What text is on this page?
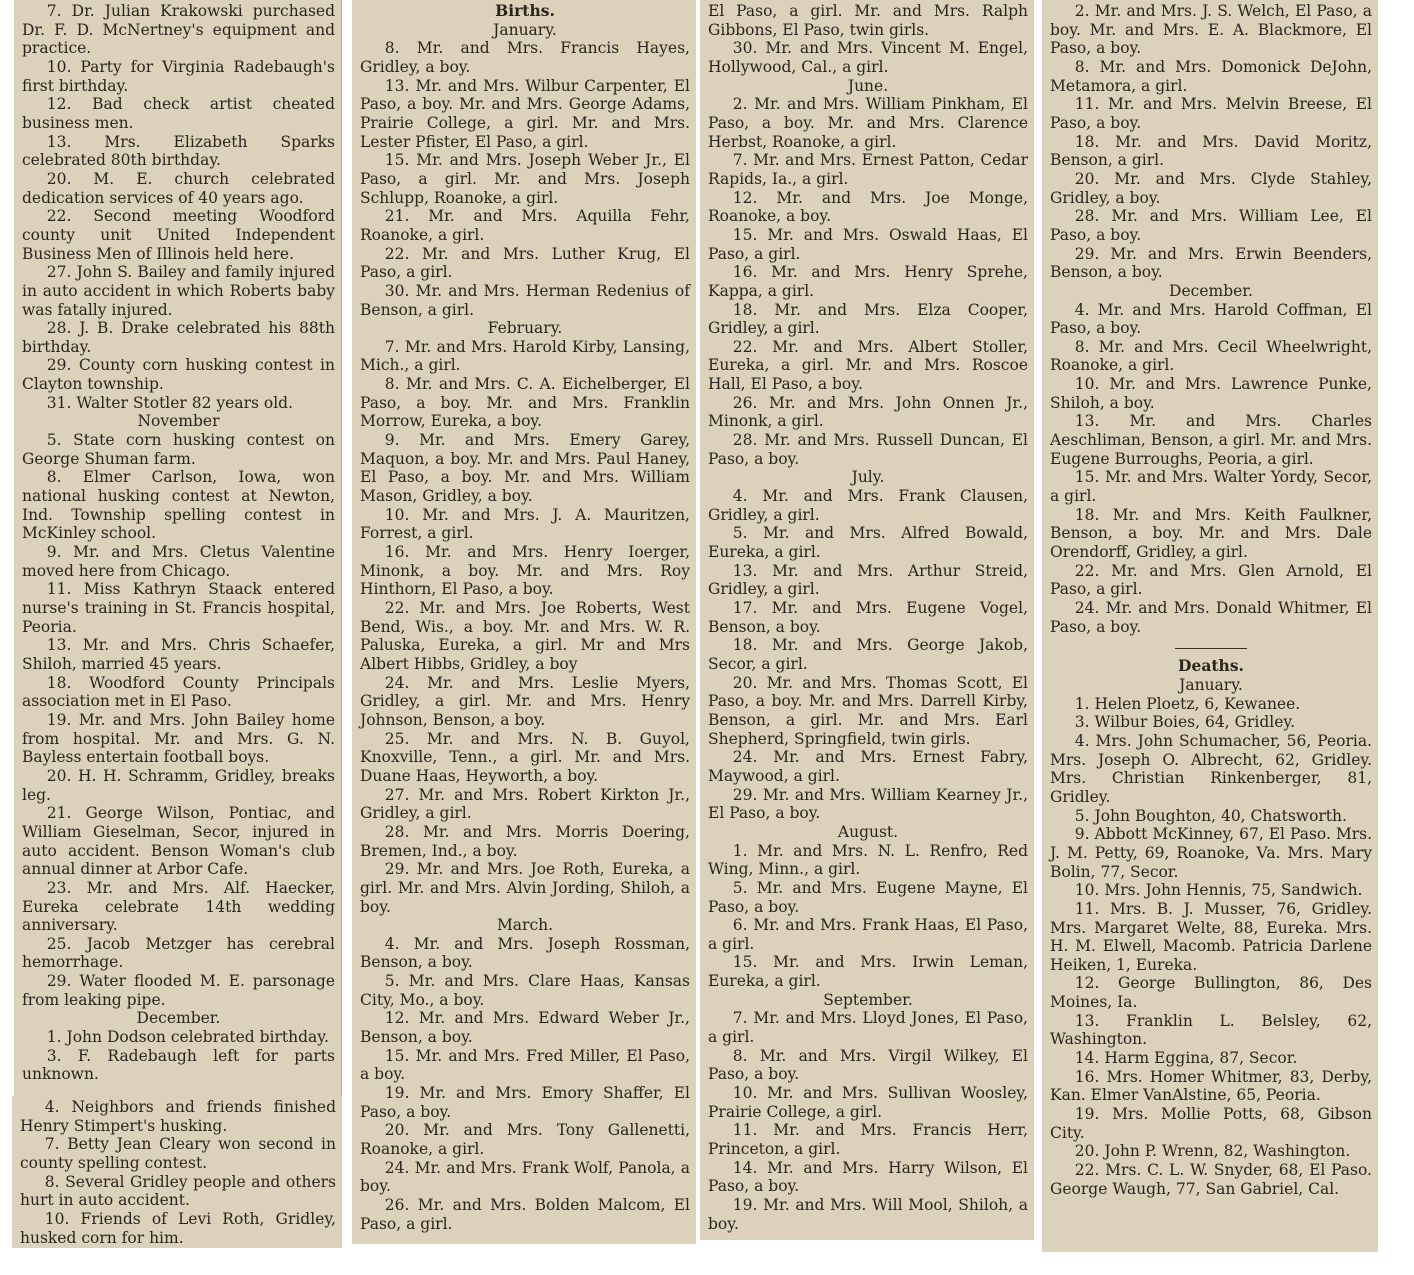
7. Dr. Julian Krakowski purchased Dr. F. D. McNertney's equipment and practice.

10. Party for Virginia Radebaugh's first birthday.

12. Bad check artist cheated business men.

13. Mrs. Elizabeth Sparks celebrated 80th birthday.

20. M. E. church celebrated dedication services of 40 years ago.

22. Second meeting Woodford county unit United Independent Business Men of Illinois held here.

27. John S. Bailey and family injured in auto accident in which Roberts baby was fatally injured.

28. J. B. Drake celebrated his 88th birthday.

29. County corn husking contest in Clayton township.

31. Walter Stotler 82 years old.

November

5. State corn husking contest on George Shuman farm.

8. Elmer Carlson, Iowa, won national husking contest at Newton, Ind. Township spelling contest in McKinley school.

9. Mr. and Mrs. Cletus Valentine moved here from Chicago.

11. Miss Kathryn Staack entered nurse's training in St. Francis hospital, Peoria.

13. Mr. and Mrs. Chris Schaefer, Shiloh, married 45 years.

18. Woodford County Principals association met in El Paso.

19. Mr. and Mrs. John Bailey home from hospital. Mr. and Mrs. G. N. Bayless entertain football boys.

20. H. H. Schramm, Gridley, breaks leg.

21. George Wilson, Pontiac, and William Gieselman, Secor, injured in auto accident. Benson Woman's club annual dinner at Arbor Cafe.

23. Mr. and Mrs. Alf. Haecker, Eureka celebrate 14th wedding anniversary.

25. Jacob Metzger has cerebral hemorrhage.

29. Water flooded M. E. parsonage from leaking pipe.

December.

1. John Dodson celebrated birthday.

3. F. Radebaugh left for parts unknown.

4. Neighbors and friends finished Henry Stimpert's husking.

7. Betty Jean Cleary won second in county spelling contest.

8. Several Gridley people and others hurt in auto accident.

10. Friends of Levi Roth, Gridley, husked corn for him.

Births.
January.

8. Mr. and Mrs. Francis Hayes, Gridley, a boy.

13. Mr. and Mrs. Wilbur Carpenter, El Paso, a boy. Mr. and Mrs. George Adams, Prairie College, a girl. Mr. and Mrs. Lester Pfister, El Paso, a girl.

15. Mr. and Mrs. Joseph Weber Jr., El Paso, a girl. Mr. and Mrs. Joseph Schlupp, Roanoke, a girl.

21. Mr. and Mrs. Aquilla Fehr, Roanoke, a girl.

22. Mr. and Mrs. Luther Krug, El Paso, a girl.

30. Mr. and Mrs. Herman Redenius of Benson, a girl.

February.

7. Mr. and Mrs. Harold Kirby, Lansing, Mich., a girl.

8. Mr. and Mrs. C. A. Eichelberger, El Paso, a boy. Mr. and Mrs. Franklin Morrow, Eureka, a boy.

9. Mr. and Mrs. Emery Garey, Maquon, a boy. Mr. and Mrs. Paul Haney, El Paso, a boy. Mr. and Mrs. William Mason, Gridley, a boy.

10. Mr. and Mrs. J. A. Mauritzen, Forrest, a girl.

16. Mr. and Mrs. Henry Ioerger, Minonk, a boy. Mr. and Mrs. Roy Hinthorn, El Paso, a boy.

22. Mr. and Mrs. Joe Roberts, West Bend, Wis., a boy. Mr. and Mrs. W. R. Paluska, Eureka, a girl. Mr and Mrs Albert Hibbs, Gridley, a boy

24. Mr. and Mrs. Leslie Myers, Gridley, a girl. Mr. and Mrs. Henry Johnson, Benson, a boy.

25. Mr. and Mrs. N. B. Guyol, Knoxville, Tenn., a girl. Mr. and Mrs. Duane Haas, Heyworth, a boy.

27. Mr. and Mrs. Robert Kirkton Jr., Gridley, a girl.

28. Mr. and Mrs. Morris Doering, Bremen, Ind., a boy.

29. Mr. and Mrs. Joe Roth, Eureka, a girl. Mr. and Mrs. Alvin Jording, Shiloh, a boy.

March.

4. Mr. and Mrs. Joseph Rossman, Benson, a boy.

5. Mr. and Mrs. Clare Haas, Kansas City, Mo., a boy.

12. Mr. and Mrs. Edward Weber Jr., Benson, a boy.

15. Mr. and Mrs. Fred Miller, El Paso, a boy.

19. Mr. and Mrs. Emory Shaffer, El Paso, a boy.

20. Mr. and Mrs. Tony Gallenetti, Roanoke, a girl.

24. Mr. and Mrs. Frank Wolf, Panola, a boy.

26. Mr. and Mrs. Bolden Malcom, El Paso, a girl.

El Paso, a girl. Mr. and Mrs. Ralph Gibbons, El Paso, twin girls.

30. Mr. and Mrs. Vincent M. Engel, Hollywood, Cal., a girl.

June.

2. Mr. and Mrs. William Pinkham, El Paso, a boy. Mr. and Mrs. Clarence Herbst, Roanoke, a girl.

7. Mr. and Mrs. Ernest Patton, Cedar Rapids, Ia., a girl.

12. Mr. and Mrs. Joe Monge, Roanoke, a boy.

15. Mr. and Mrs. Oswald Haas, El Paso, a girl.

16. Mr. and Mrs. Henry Sprehe, Kappa, a girl.

18. Mr. and Mrs. Elza Cooper, Gridley, a girl.

22. Mr. and Mrs. Albert Stoller, Eureka, a girl. Mr. and Mrs. Roscoe Hall, El Paso, a boy.

26. Mr. and Mrs. John Onnen Jr., Minonk, a girl.

28. Mr. and Mrs. Russell Duncan, El Paso, a boy.

July.

4. Mr. and Mrs. Frank Clausen, Gridley, a girl.

5. Mr. and Mrs. Alfred Bowald, Eureka, a girl.

13. Mr. and Mrs. Arthur Streid, Gridley, a girl.

17. Mr. and Mrs. Eugene Vogel, Benson, a boy.

18. Mr. and Mrs. George Jakob, Secor, a girl.

20. Mr. and Mrs. Thomas Scott, El Paso, a boy. Mr. and Mrs. Darrell Kirby, Benson, a girl. Mr. and Mrs. Earl Shepherd, Springfield, twin girls.

24. Mr. and Mrs. Ernest Fabry, Maywood, a girl.

29. Mr. and Mrs. William Kearney Jr., El Paso, a boy.

August.

1. Mr. and Mrs. N. L. Renfro, Red Wing, Minn., a girl.

5. Mr. and Mrs. Eugene Mayne, El Paso, a boy.

6. Mr. and Mrs. Frank Haas, El Paso, a girl.

15. Mr. and Mrs. Irwin Leman, Eureka, a girl.

September.

7. Mr. and Mrs. Lloyd Jones, El Paso, a girl.

8. Mr. and Mrs. Virgil Wilkey, El Paso, a boy.

10. Mr. and Mrs. Sullivan Woosley, Prairie College, a girl.

11. Mr. and Mrs. Francis Herr, Princeton, a girl.

14. Mr. and Mrs. Harry Wilson, El Paso, a boy.

19. Mr. and Mrs. Will Mool, Shiloh, a boy.

2. Mr. and Mrs. J. S. Welch, El Paso, a boy. Mr. and Mrs. E. A. Blackmore, El Paso, a boy.

8. Mr. and Mrs. Domonick DeJohn, Metamora, a girl.

11. Mr. and Mrs. Melvin Breese, El Paso, a boy.

18. Mr. and Mrs. David Moritz, Benson, a girl.

20. Mr. and Mrs. Clyde Stahley, Gridley, a boy.

28. Mr. and Mrs. William Lee, El Paso, a boy.

29. Mr. and Mrs. Erwin Beenders, Benson, a boy.

December.

4. Mr. and Mrs. Harold Coffman, El Paso, a boy.

8. Mr. and Mrs. Cecil Wheelwright, Roanoke, a girl.

10. Mr. and Mrs. Lawrence Punke, Shiloh, a boy.

13. Mr. and Mrs. Charles Aeschliman, Benson, a girl. Mr. and Mrs. Eugene Burroughs, Peoria, a girl.

15. Mr. and Mrs. Walter Yordy, Secor, a girl.

18. Mr. and Mrs. Keith Faulkner, Benson, a boy. Mr. and Mrs. Dale Orendorff, Gridley, a girl.

22. Mr. and Mrs. Glen Arnold, El Paso, a girl.

24. Mr. and Mrs. Donald Whitmer, El Paso, a boy.

Deaths.
January.

1. Helen Ploetz, 6, Kewanee.

3. Wilbur Boies, 64, Gridley.

4. Mrs. John Schumacher, 56, Peoria. Mrs. Joseph O. Albrecht, 62, Gridley. Mrs. Christian Rinkenberger, 81, Gridley.

5. John Boughton, 40, Chatsworth.

9. Abbott McKinney, 67, El Paso. Mrs. J. M. Petty, 69, Roanoke, Va. Mrs. Mary Bolin, 77, Secor.

10. Mrs. John Hennis, 75, Sandwich.

11. Mrs. B. J. Musser, 76, Gridley. Mrs. Margaret Welte, 88, Eureka. Mrs. H. M. Elwell, Macomb. Patricia Darlene Heiken, 1, Eureka.

12. George Bullington, 86, Des Moines, Ia.

13. Franklin L. Belsley, 62, Washington.

14. Harm Eggina, 87, Secor.

16. Mrs. Homer Whitmer, 83, Derby, Kan. Elmer VanAlstine, 65, Peoria.

19. Mrs. Mollie Potts, 68, Gibson City.

20. John P. Wrenn, 82, Washington.

22. Mrs. C. L. W. Snyder, 68, El Paso. George Waugh, 77, San Gabriel, Cal.
